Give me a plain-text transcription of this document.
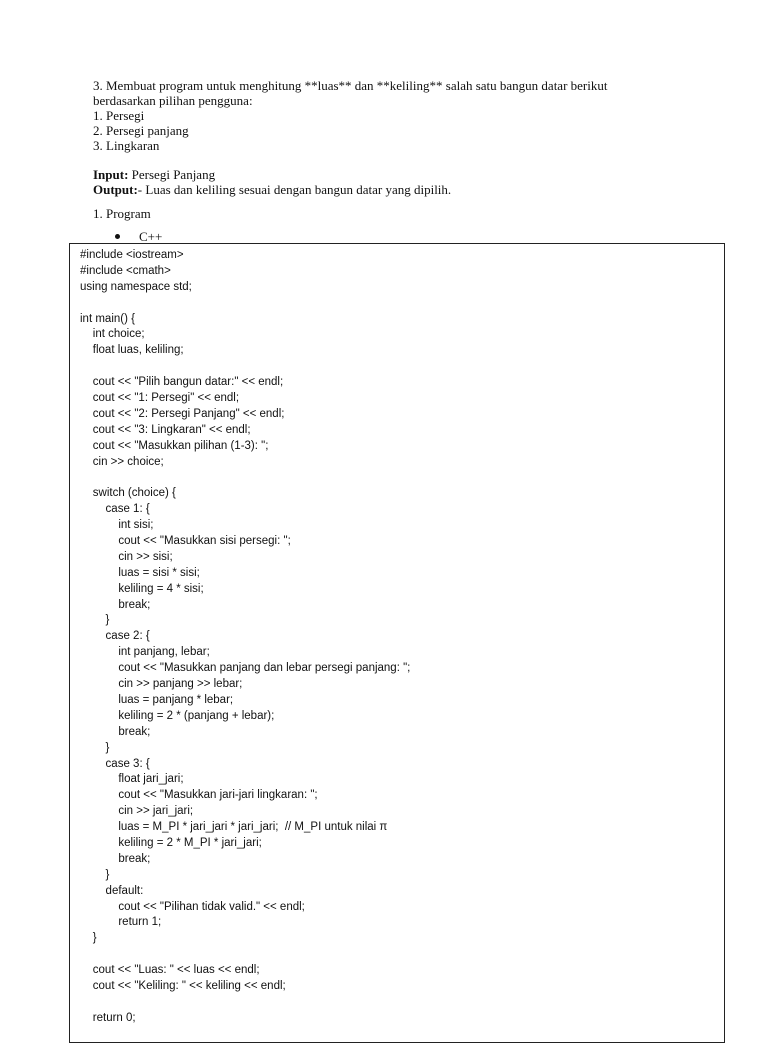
3. Membuat program untuk menghitung **luas** dan **keliling** salah satu bangun datar berikut
berdasarkan pilihan pengguna:
1. Persegi
2. Persegi panjang
3. Lingkaran
Input: Persegi Panjang
Output:- Luas dan keliling sesuai dengan bangun datar yang dipilih.
1. Program
C++
#include <iostream>
#include <cmath>
using namespace std;
int main() {
int choice;
float luas, keliling;
cout << "Pilih bangun datar:" << endl;
cout << "1: Persegi" << endl;
cout << "2: Persegi Panjang" << endl;
cout << "3: Lingkaran" << endl;
cout << "Masukkan pilihan (1-3): ";
cin >> choice;
switch (choice) {
case 1: {
int sisi;
cout << "Masukkan sisi persegi: ";
cin >> sisi;
luas = sisi * sisi;
keliling = 4 * sisi;
break;
}
case 2: {
int panjang, lebar;
cout << "Masukkan panjang dan lebar persegi panjang: ";
cin >> panjang >> lebar;
luas = panjang * lebar;
keliling = 2 * (panjang + lebar);
break;
}
case 3: {
float jari_jari;
cout << "Masukkan jari-jari lingkaran: ";
cin >> jari_jari;
luas = M_PI * jari_jari * jari_jari;  // M_PI untuk nilai π
keliling = 2 * M_PI * jari_jari;
break;
}
default:
cout << "Pilihan tidak valid." << endl;
return 1;
}
cout << "Luas: " << luas << endl;
cout << "Keliling: " << keliling << endl;
return 0;
